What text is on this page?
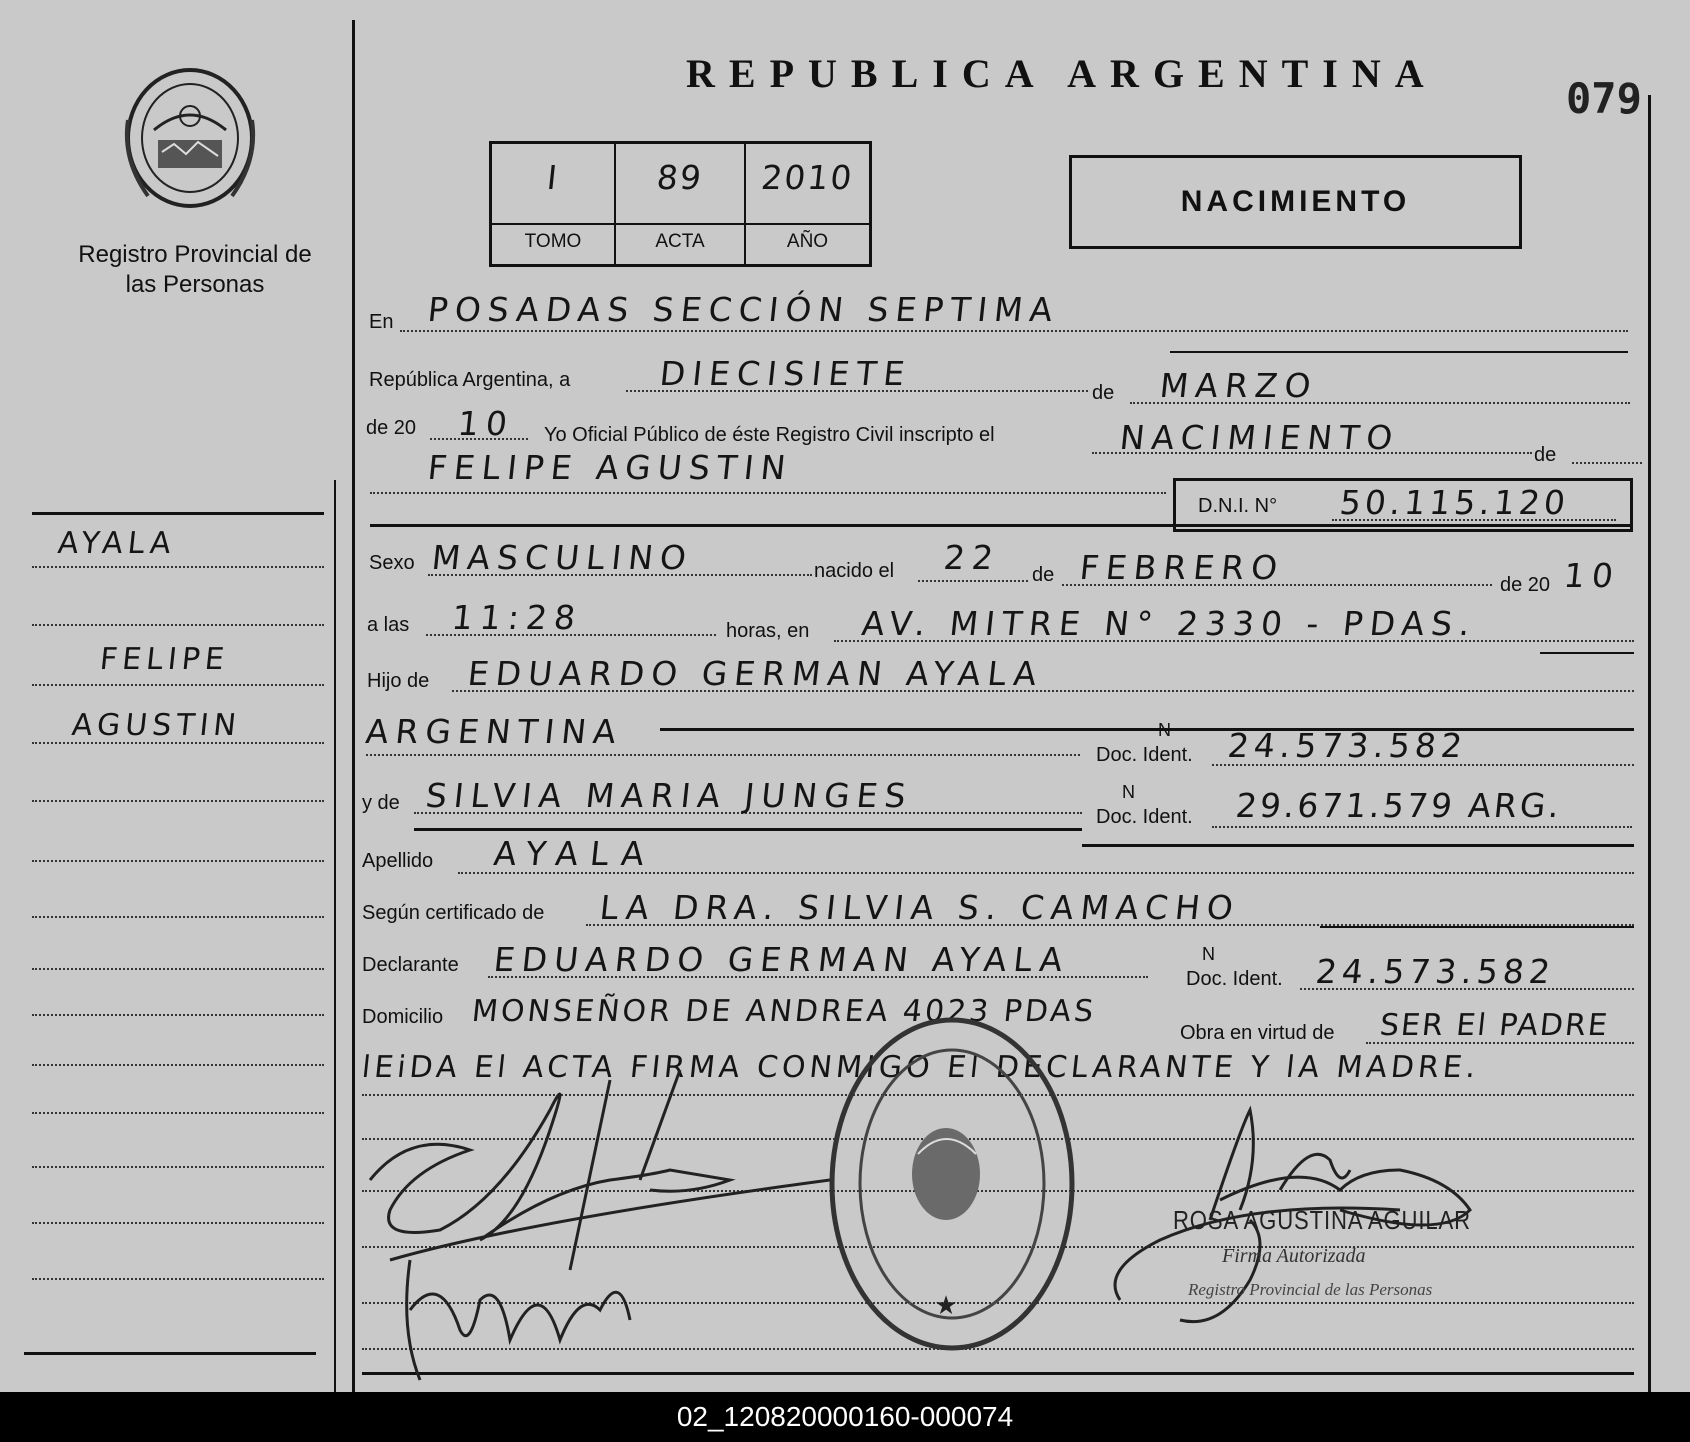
Registro Provincial de las Personas
REPUBLICA ARGENTINA
079
I	89	2010
TOMO	ACTA	AÑO
NACIMIENTO
AYALA
FELIPE
AGUSTIN
En POSADAS SECCIÓN SEPTIMA
República Argentina, a	DIECISIETE	de MARZO
de 20 10 Yo Oficial Público de éste Registro Civil inscripto el	NACIMIENTO	de
FELIPE AGUSTIN
D.N.I. N° 50.115.120
Sexo MASCULINO	nacido el 22 de FEBRERO	de 20 10
a las 11:28	horas, en AV. MITRE N° 2330 - PDAS.
Hijo de EDUARDO GERMAN AYALA
ARGENTINA	N
Doc. Ident. 24.573.582
y de SILVIA MARIA JUNGES	N
Doc. Ident. 29.671.579 ARG.
Apellido AYALA
Según certificado de LA DRA. SILVIA S. CAMACHO
Declarante EDUARDO GERMAN AYALA	N
Doc. Ident. 24.573.582
Domicilio MONSEÑOR DE ANDREA 4023 PDAS
Obra en virtud de SER El PADRE
lEiDA El ACTA FIRMA CONMIGO El DECLARANTE Y lA MADRE.
★
ROSA AGUSTINA AGUILAR
Firma Autorizada
Registro Provincial de las Personas
02_120820000160-000074
